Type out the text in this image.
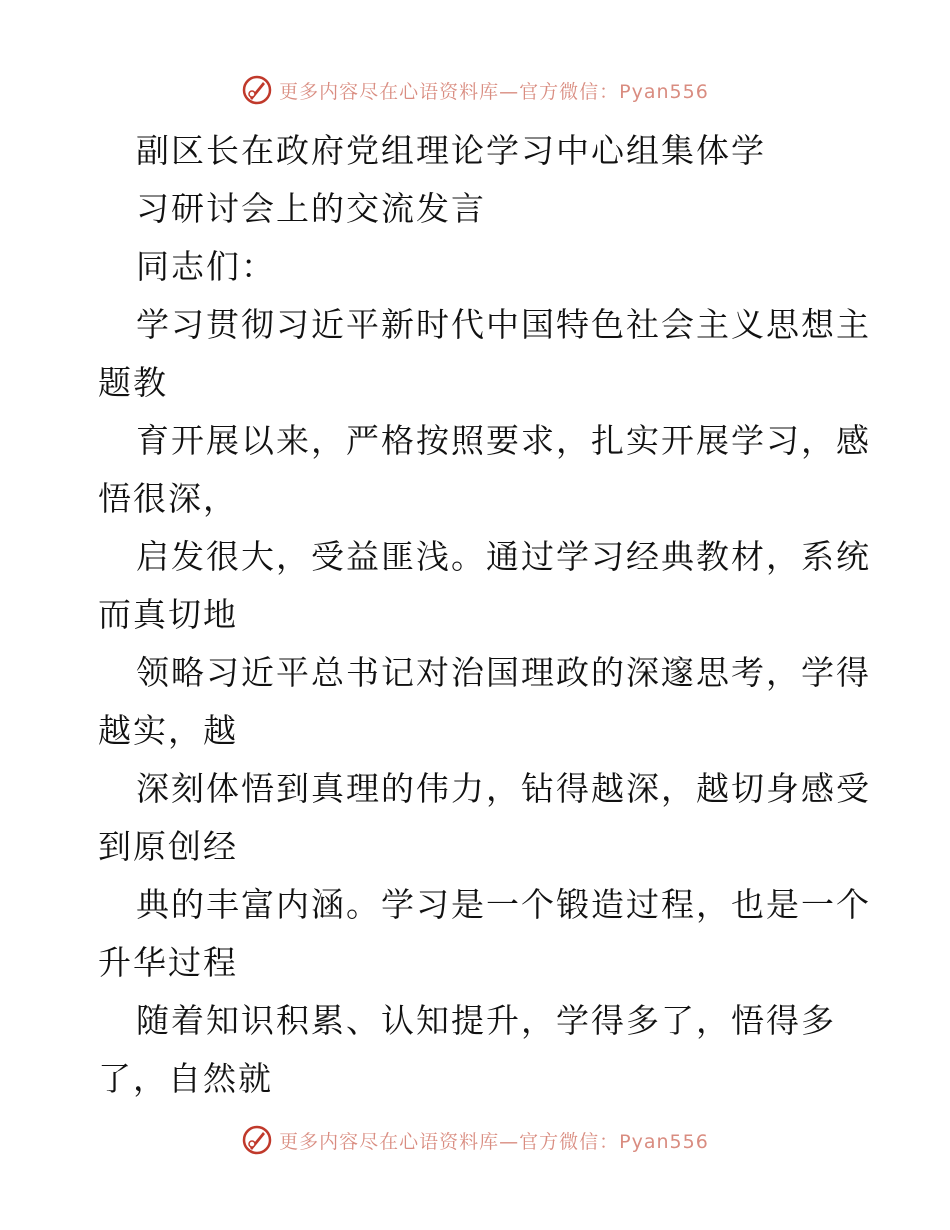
更多内容尽在心语资料库—官方微信：Pyan556
副区长在政府党组理论学习中心组集体学
习研讨会上的交流发言
同志们：
学习贯彻习近平新时代中国特色社会主义思想主
题教
育开展以来，严格按照要求，扎实开展学习，感
悟很深，
启发很大，受益匪浅。通过学习经典教材，系统
而真切地
领略习近平总书记对治国理政的深邃思考，学得
越实，越
深刻体悟到真理的伟力，钻得越深，越切身感受
到原创经
典的丰富内涵。学习是一个锻造过程，也是一个
升华过程
随着知识积累、认知提升，学得多了，悟得多
了，自然就
更多内容尽在心语资料库—官方微信：Pyan556
